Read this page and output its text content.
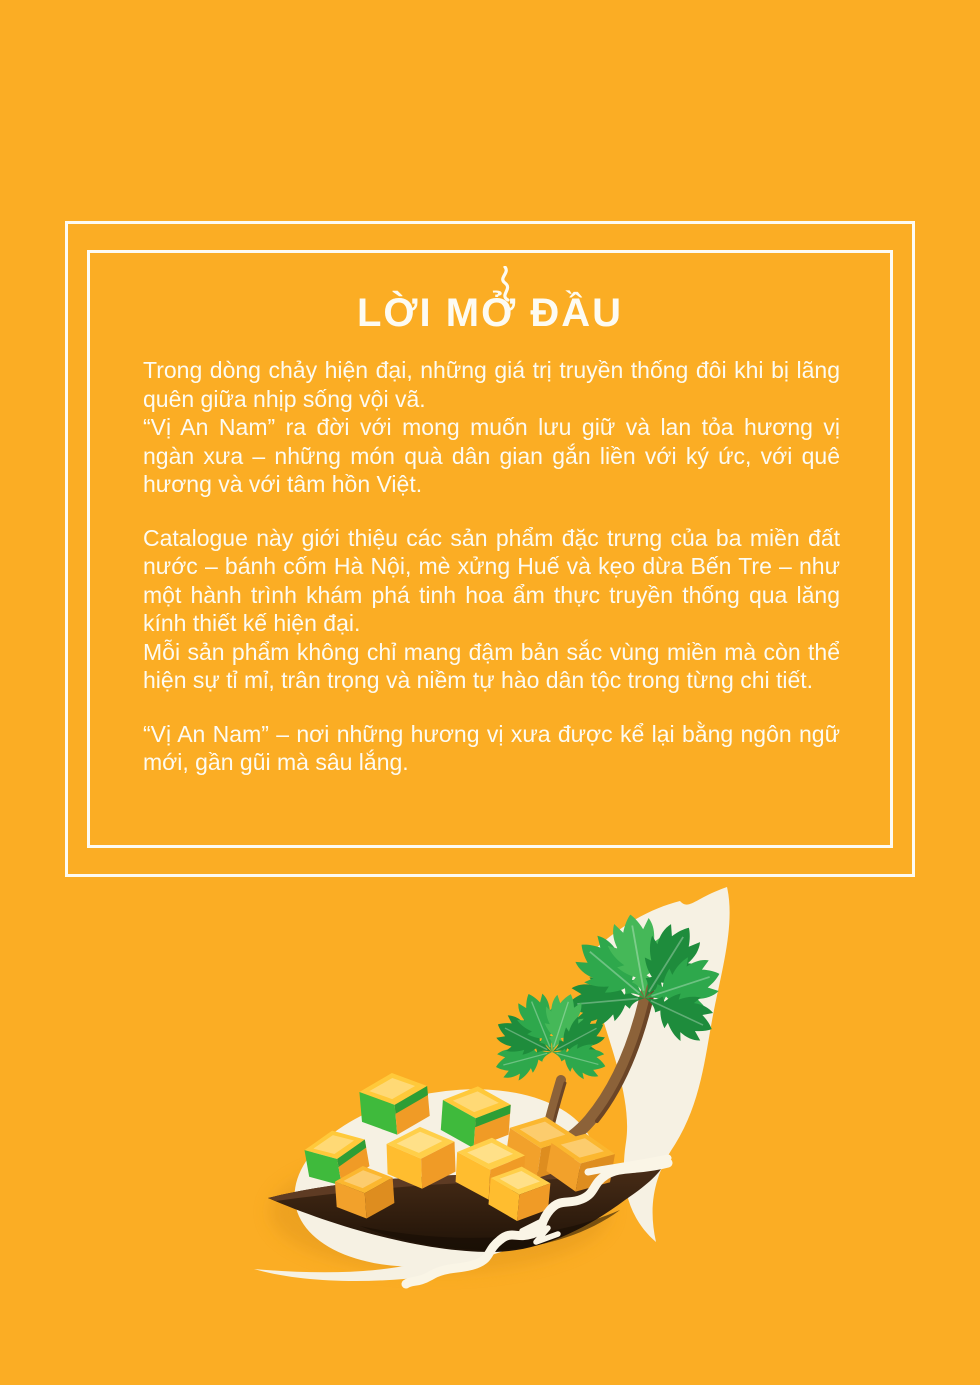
LỜI MỞ ĐẦU

Trong dòng chảy hiện đại, những giá trị truyền thống đôi khi bị lãng quên giữa nhịp sống vội vã.

“Vị An Nam” ra đời với mong muốn lưu giữ và lan tỏa hương vị ngàn xưa – những món quà dân gian gắn liền với ký ức, với quê hương và với tâm hồn Việt.

Catalogue này giới thiệu các sản phẩm đặc trưng của ba miền đất nước – bánh cốm Hà Nội, mè xửng Huế và kẹo dừa Bến Tre – như một hành trình khám phá tinh hoa ẩm thực truyền thống qua lăng kính thiết kế hiện đại.

Mỗi sản phẩm không chỉ mang đậm bản sắc vùng miền mà còn thể hiện sự tỉ mỉ, trân trọng và niềm tự hào dân tộc trong từng chi tiết.

“Vị An Nam” – nơi những hương vị xưa được kể lại bằng ngôn ngữ mới, gần gũi mà sâu lắng.
